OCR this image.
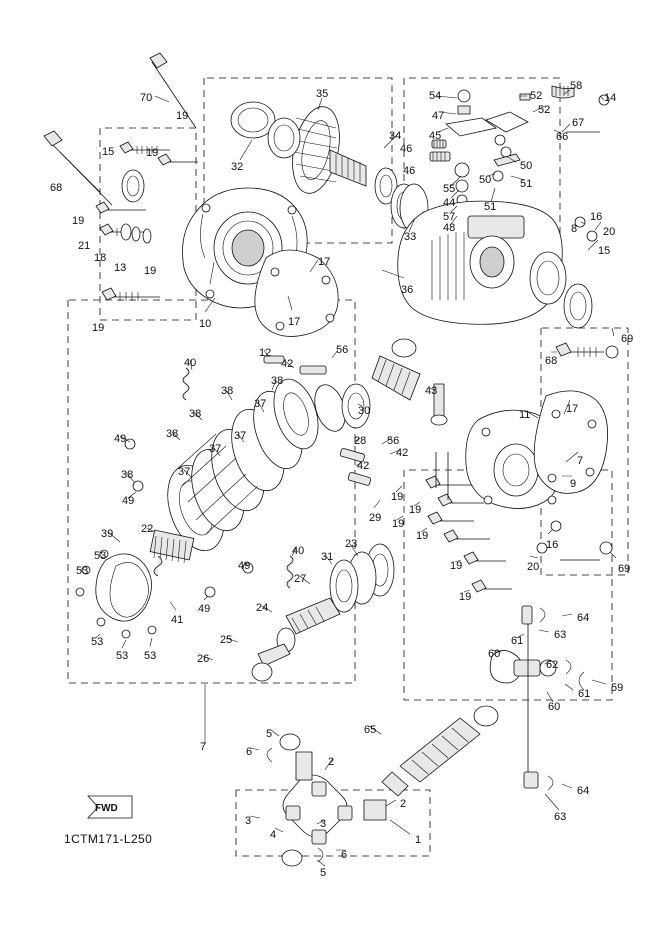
70
19
15	19
68
19
21
18
13 19
19	10
35
32
17
17
36
34
46
46
54
47
45
52
52
58
14
67
66
50
50	51
55
44
57
48
51
33
8
16
20
15
69
68
11	17
7
9
16
20	69
40
12
42
56
38
38
37
38
37
38
37
49
38	37
49
39	22
53
53
41
49
40
49
31
23
27
24
25
26
53
53 53
30
43
28 56
42
42
29
19
19
19
19
19
19
64
63
61
60
62
59
61
60
64
63
65
7
5
6
2
2
3
4
3
1
6
5
1CTM171-L250
FWD
